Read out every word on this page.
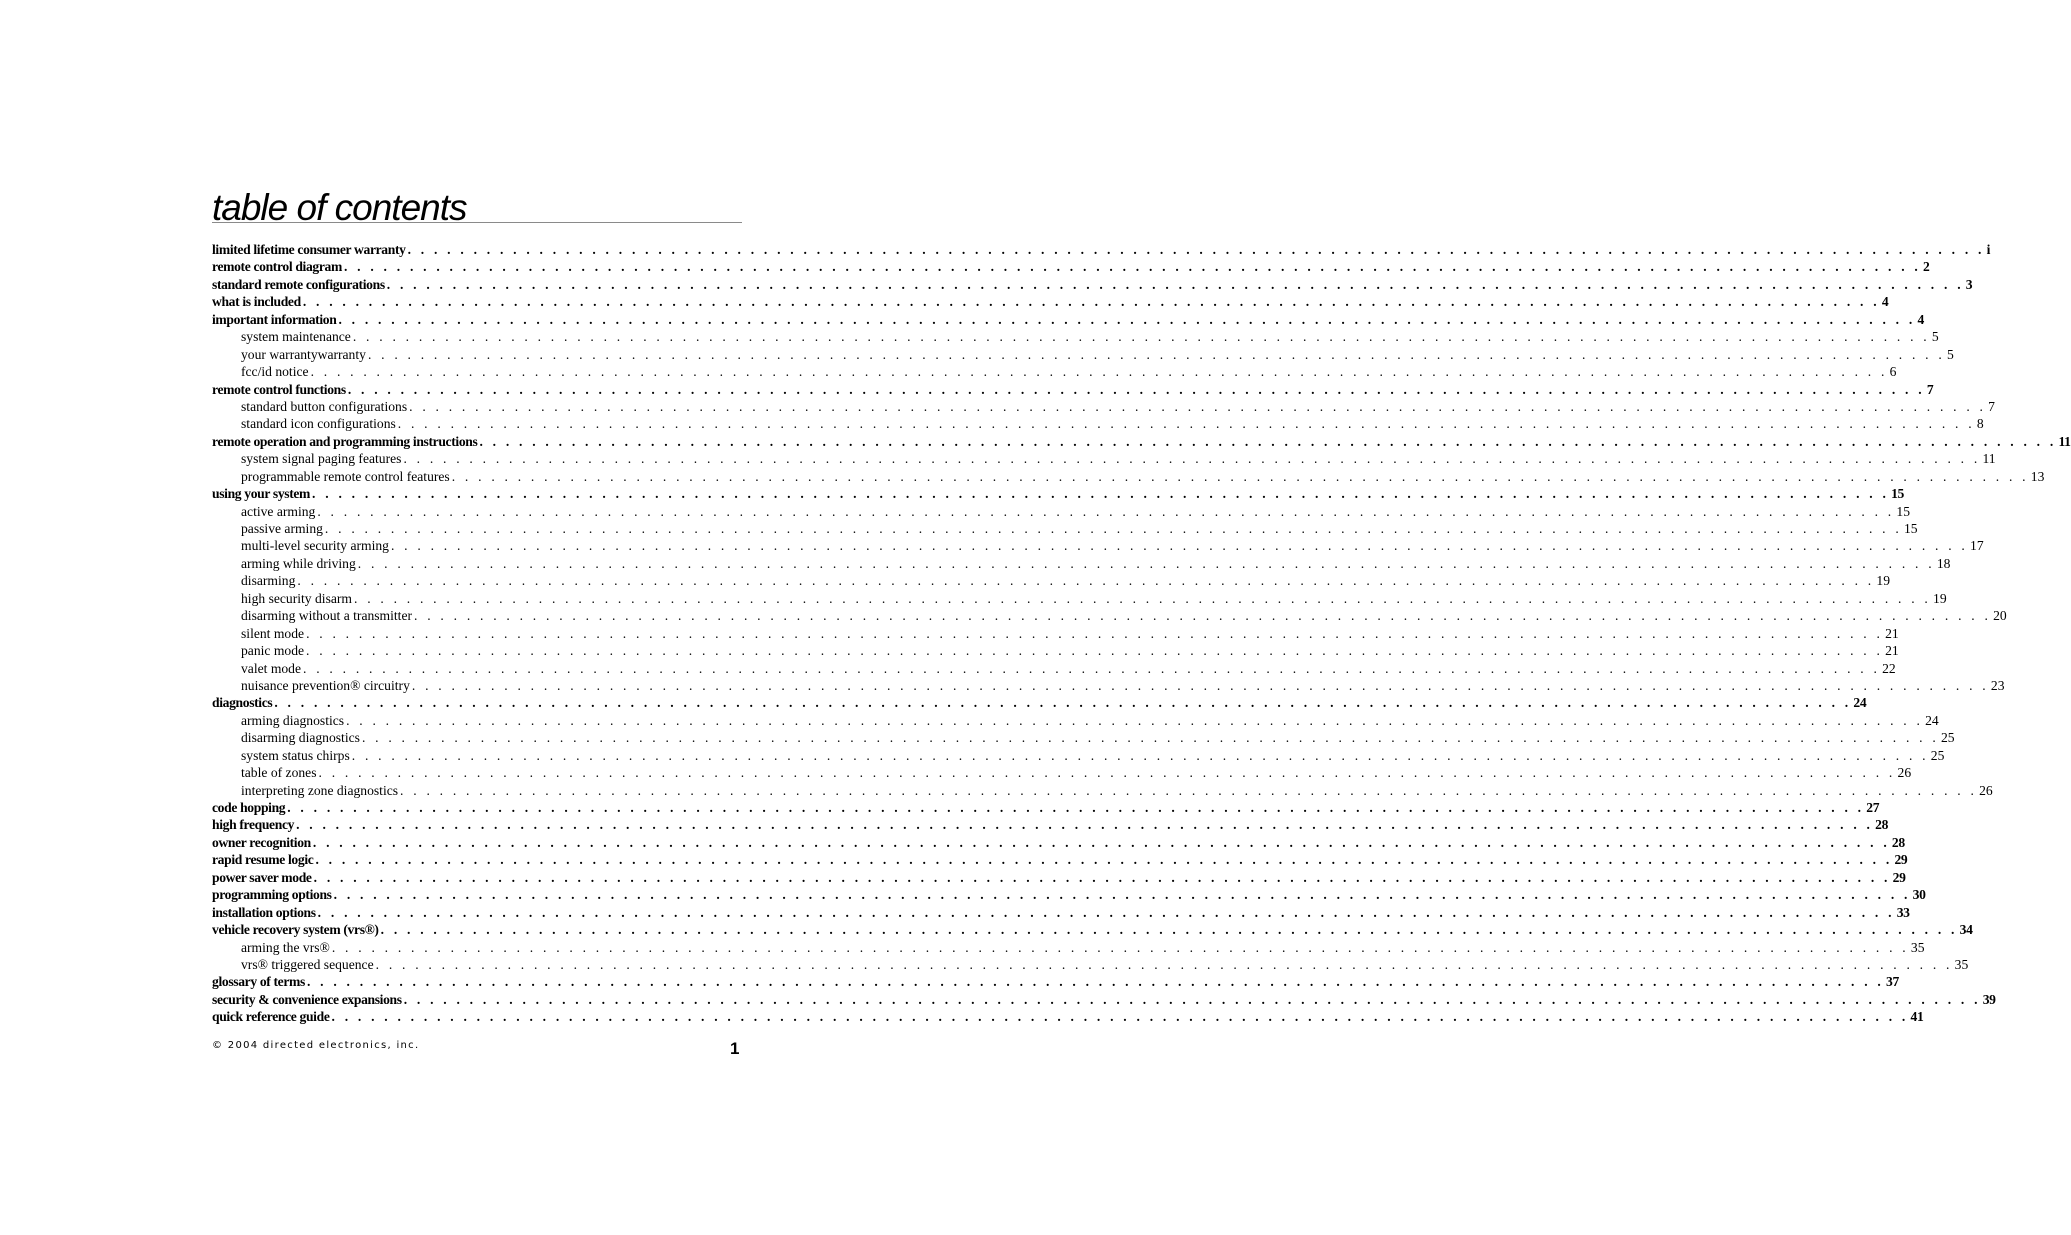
table of contents
limited lifetime consumer warranty . . . . . . . . . . . . . . . . . . . . . . . . . . . . . . . . . . . . . . . . . . . . . . . . . . . . . . . . . . . . . . . . . . . . . . . . . . . . . . . . . . . . . . . . . . . . . . . . . . . . . . . . . . . . . . . . . . . . . . . . i
remote control diagram . . . . . . . . . . . . . . . . . . . . . . . . . . . . . . . . . . . . . . . . . . . . . . . . . . . . . . . . . . . . . . . . . . . . . . . . . . . . . . . . . . . . . . . . . . . . . . . . . . . . . . . . . . . . . . . . . . . . . . . . 2
standard remote configurations . . . . . . . . . . . . . . . . . . . . . . . . . . . . . . . . . . . . . . . . . . . . . . . . . . . . . . . . . . . . . . . . . . . . . . . . . . . . . . . . . . . . . . . . . . . . . . . . . . . . . . . . . . . . . . . . . . . . . . . . 3
what is included . . . . . . . . . . . . . . . . . . . . . . . . . . . . . . . . . . . . . . . . . . . . . . . . . . . . . . . . . . . . . . . . . . . . . . . . . . . . . . . . . . . . . . . . . . . . . . . . . . . . . . . . . . . . . . . . . . . . . . . . 4
important information . . . . . . . . . . . . . . . . . . . . . . . . . . . . . . . . . . . . . . . . . . . . . . . . . . . . . . . . . . . . . . . . . . . . . . . . . . . . . . . . . . . . . . . . . . . . . . . . . . . . . . . . . . . . . . . . . . . . . . . . 4
system maintenance . . . . . . . . . . . . . . . . . . . . . . . . . . . . . . . . . . . . . . . . . . . . . . . . . . . . . . . . . . . . . . . . . . . . . . . . . . . . . . . . . . . . . . . . . . . . . . . . . . . . . . . . . . . . . . . . . . . . . . . . 5
your warrantywarranty . . . . . . . . . . . . . . . . . . . . . . . . . . . . . . . . . . . . . . . . . . . . . . . . . . . . . . . . . . . . . . . . . . . . . . . . . . . . . . . . . . . . . . . . . . . . . . . . . . . . . . . . . . . . . . . . . . . . . . . . 5
fcc/id notice . . . . . . . . . . . . . . . . . . . . . . . . . . . . . . . . . . . . . . . . . . . . . . . . . . . . . . . . . . . . . . . . . . . . . . . . . . . . . . . . . . . . . . . . . . . . . . . . . . . . . . . . . . . . . . . . . . . . . . . . 6
remote control functions . . . . . . . . . . . . . . . . . . . . . . . . . . . . . . . . . . . . . . . . . . . . . . . . . . . . . . . . . . . . . . . . . . . . . . . . . . . . . . . . . . . . . . . . . . . . . . . . . . . . . . . . . . . . . . . . . . . . . . . . 7
standard button configurations . . . . . . . . . . . . . . . . . . . . . . . . . . . . . . . . . . . . . . . . . . . . . . . . . . . . . . . . . . . . . . . . . . . . . . . . . . . . . . . . . . . . . . . . . . . . . . . . . . . . . . . . . . . . . . . . . . . . . . . . 7
standard icon configurations . . . . . . . . . . . . . . . . . . . . . . . . . . . . . . . . . . . . . . . . . . . . . . . . . . . . . . . . . . . . . . . . . . . . . . . . . . . . . . . . . . . . . . . . . . . . . . . . . . . . . . . . . . . . . . . . . . . . . . . . 8
remote operation and programming instructions . . . . . . . . . . . . . . . . . . . . . . . . . . . . . . . . . . . . . . . . . . . . . . . . . . . . . . . . . . . . . . . . . . . . . . . . . . . . . . . . . . . . . . . . . . . . . . . . . . . . . . . . . . . . . . . . . . . . . . . . 11
system signal paging features . . . . . . . . . . . . . . . . . . . . . . . . . . . . . . . . . . . . . . . . . . . . . . . . . . . . . . . . . . . . . . . . . . . . . . . . . . . . . . . . . . . . . . . . . . . . . . . . . . . . . . . . . . . . . . . . . . . . . . . . 11
programmable remote control features . . . . . . . . . . . . . . . . . . . . . . . . . . . . . . . . . . . . . . . . . . . . . . . . . . . . . . . . . . . . . . . . . . . . . . . . . . . . . . . . . . . . . . . . . . . . . . . . . . . . . . . . . . . . . . . . . . . . . . . . 13
using your system . . . . . . . . . . . . . . . . . . . . . . . . . . . . . . . . . . . . . . . . . . . . . . . . . . . . . . . . . . . . . . . . . . . . . . . . . . . . . . . . . . . . . . . . . . . . . . . . . . . . . . . . . . . . . . . . . . . . . . . . 15
active arming . . . . . . . . . . . . . . . . . . . . . . . . . . . . . . . . . . . . . . . . . . . . . . . . . . . . . . . . . . . . . . . . . . . . . . . . . . . . . . . . . . . . . . . . . . . . . . . . . . . . . . . . . . . . . . . . . . . . . . . . 15
passive arming . . . . . . . . . . . . . . . . . . . . . . . . . . . . . . . . . . . . . . . . . . . . . . . . . . . . . . . . . . . . . . . . . . . . . . . . . . . . . . . . . . . . . . . . . . . . . . . . . . . . . . . . . . . . . . . . . . . . . . . . 15
multi-level security arming . . . . . . . . . . . . . . . . . . . . . . . . . . . . . . . . . . . . . . . . . . . . . . . . . . . . . . . . . . . . . . . . . . . . . . . . . . . . . . . . . . . . . . . . . . . . . . . . . . . . . . . . . . . . . . . . . . . . . . . . 17
arming while driving . . . . . . . . . . . . . . . . . . . . . . . . . . . . . . . . . . . . . . . . . . . . . . . . . . . . . . . . . . . . . . . . . . . . . . . . . . . . . . . . . . . . . . . . . . . . . . . . . . . . . . . . . . . . . . . . . . . . . . . . 18
disarming . . . . . . . . . . . . . . . . . . . . . . . . . . . . . . . . . . . . . . . . . . . . . . . . . . . . . . . . . . . . . . . . . . . . . . . . . . . . . . . . . . . . . . . . . . . . . . . . . . . . . . . . . . . . . . . . . . . . . . . . 19
high security disarm . . . . . . . . . . . . . . . . . . . . . . . . . . . . . . . . . . . . . . . . . . . . . . . . . . . . . . . . . . . . . . . . . . . . . . . . . . . . . . . . . . . . . . . . . . . . . . . . . . . . . . . . . . . . . . . . . . . . . . . . 19
disarming without a transmitter . . . . . . . . . . . . . . . . . . . . . . . . . . . . . . . . . . . . . . . . . . . . . . . . . . . . . . . . . . . . . . . . . . . . . . . . . . . . . . . . . . . . . . . . . . . . . . . . . . . . . . . . . . . . . . . . . . . . . . . . 20
silent mode . . . . . . . . . . . . . . . . . . . . . . . . . . . . . . . . . . . . . . . . . . . . . . . . . . . . . . . . . . . . . . . . . . . . . . . . . . . . . . . . . . . . . . . . . . . . . . . . . . . . . . . . . . . . . . . . . . . . . . . . 21
panic mode . . . . . . . . . . . . . . . . . . . . . . . . . . . . . . . . . . . . . . . . . . . . . . . . . . . . . . . . . . . . . . . . . . . . . . . . . . . . . . . . . . . . . . . . . . . . . . . . . . . . . . . . . . . . . . . . . . . . . . . . 21
valet mode . . . . . . . . . . . . . . . . . . . . . . . . . . . . . . . . . . . . . . . . . . . . . . . . . . . . . . . . . . . . . . . . . . . . . . . . . . . . . . . . . . . . . . . . . . . . . . . . . . . . . . . . . . . . . . . . . . . . . . . . 22
nuisance prevention® circuitry . . . . . . . . . . . . . . . . . . . . . . . . . . . . . . . . . . . . . . . . . . . . . . . . . . . . . . . . . . . . . . . . . . . . . . . . . . . . . . . . . . . . . . . . . . . . . . . . . . . . . . . . . . . . . . . . . . . . . . . . 23
diagnostics . . . . . . . . . . . . . . . . . . . . . . . . . . . . . . . . . . . . . . . . . . . . . . . . . . . . . . . . . . . . . . . . . . . . . . . . . . . . . . . . . . . . . . . . . . . . . . . . . . . . . . . . . . . . . . . . . . . . . . . . 24
arming diagnostics . . . . . . . . . . . . . . . . . . . . . . . . . . . . . . . . . . . . . . . . . . . . . . . . . . . . . . . . . . . . . . . . . . . . . . . . . . . . . . . . . . . . . . . . . . . . . . . . . . . . . . . . . . . . . . . . . . . . . . . . 24
disarming diagnostics . . . . . . . . . . . . . . . . . . . . . . . . . . . . . . . . . . . . . . . . . . . . . . . . . . . . . . . . . . . . . . . . . . . . . . . . . . . . . . . . . . . . . . . . . . . . . . . . . . . . . . . . . . . . . . . . . . . . . . . . 25
system status chirps . . . . . . . . . . . . . . . . . . . . . . . . . . . . . . . . . . . . . . . . . . . . . . . . . . . . . . . . . . . . . . . . . . . . . . . . . . . . . . . . . . . . . . . . . . . . . . . . . . . . . . . . . . . . . . . . . . . . . . . . 25
table of zones . . . . . . . . . . . . . . . . . . . . . . . . . . . . . . . . . . . . . . . . . . . . . . . . . . . . . . . . . . . . . . . . . . . . . . . . . . . . . . . . . . . . . . . . . . . . . . . . . . . . . . . . . . . . . . . . . . . . . . . . 26
interpreting zone diagnostics . . . . . . . . . . . . . . . . . . . . . . . . . . . . . . . . . . . . . . . . . . . . . . . . . . . . . . . . . . . . . . . . . . . . . . . . . . . . . . . . . . . . . . . . . . . . . . . . . . . . . . . . . . . . . . . . . . . . . . . . 26
code hopping . . . . . . . . . . . . . . . . . . . . . . . . . . . . . . . . . . . . . . . . . . . . . . . . . . . . . . . . . . . . . . . . . . . . . . . . . . . . . . . . . . . . . . . . . . . . . . . . . . . . . . . . . . . . . . . . . . . . . . . . 27
high frequency . . . . . . . . . . . . . . . . . . . . . . . . . . . . . . . . . . . . . . . . . . . . . . . . . . . . . . . . . . . . . . . . . . . . . . . . . . . . . . . . . . . . . . . . . . . . . . . . . . . . . . . . . . . . . . . . . . . . . . . . 28
owner recognition . . . . . . . . . . . . . . . . . . . . . . . . . . . . . . . . . . . . . . . . . . . . . . . . . . . . . . . . . . . . . . . . . . . . . . . . . . . . . . . . . . . . . . . . . . . . . . . . . . . . . . . . . . . . . . . . . . . . . . . . 28
rapid resume logic . . . . . . . . . . . . . . . . . . . . . . . . . . . . . . . . . . . . . . . . . . . . . . . . . . . . . . . . . . . . . . . . . . . . . . . . . . . . . . . . . . . . . . . . . . . . . . . . . . . . . . . . . . . . . . . . . . . . . . . . 29
power saver mode . . . . . . . . . . . . . . . . . . . . . . . . . . . . . . . . . . . . . . . . . . . . . . . . . . . . . . . . . . . . . . . . . . . . . . . . . . . . . . . . . . . . . . . . . . . . . . . . . . . . . . . . . . . . . . . . . . . . . . . . 29
programming options . . . . . . . . . . . . . . . . . . . . . . . . . . . . . . . . . . . . . . . . . . . . . . . . . . . . . . . . . . . . . . . . . . . . . . . . . . . . . . . . . . . . . . . . . . . . . . . . . . . . . . . . . . . . . . . . . . . . . . . . 30
installation options . . . . . . . . . . . . . . . . . . . . . . . . . . . . . . . . . . . . . . . . . . . . . . . . . . . . . . . . . . . . . . . . . . . . . . . . . . . . . . . . . . . . . . . . . . . . . . . . . . . . . . . . . . . . . . . . . . . . . . . . 33
vehicle recovery system (vrs®) . . . . . . . . . . . . . . . . . . . . . . . . . . . . . . . . . . . . . . . . . . . . . . . . . . . . . . . . . . . . . . . . . . . . . . . . . . . . . . . . . . . . . . . . . . . . . . . . . . . . . . . . . . . . . . . . . . . . . . . . 34
arming the vrs® . . . . . . . . . . . . . . . . . . . . . . . . . . . . . . . . . . . . . . . . . . . . . . . . . . . . . . . . . . . . . . . . . . . . . . . . . . . . . . . . . . . . . . . . . . . . . . . . . . . . . . . . . . . . . . . . . . . . . . . . 35
vrs® triggered sequence . . . . . . . . . . . . . . . . . . . . . . . . . . . . . . . . . . . . . . . . . . . . . . . . . . . . . . . . . . . . . . . . . . . . . . . . . . . . . . . . . . . . . . . . . . . . . . . . . . . . . . . . . . . . . . . . . . . . . . . . 35
glossary of terms . . . . . . . . . . . . . . . . . . . . . . . . . . . . . . . . . . . . . . . . . . . . . . . . . . . . . . . . . . . . . . . . . . . . . . . . . . . . . . . . . . . . . . . . . . . . . . . . . . . . . . . . . . . . . . . . . . . . . . . . 37
security & convenience expansions . . . . . . . . . . . . . . . . . . . . . . . . . . . . . . . . . . . . . . . . . . . . . . . . . . . . . . . . . . . . . . . . . . . . . . . . . . . . . . . . . . . . . . . . . . . . . . . . . . . . . . . . . . . . . . . . . . . . . . . . 39
quick reference guide . . . . . . . . . . . . . . . . . . . . . . . . . . . . . . . . . . . . . . . . . . . . . . . . . . . . . . . . . . . . . . . . . . . . . . . . . . . . . . . . . . . . . . . . . . . . . . . . . . . . . . . . . . . . . . . . . . . . . . . . 41
© 2004 directed electronics, inc.	1
